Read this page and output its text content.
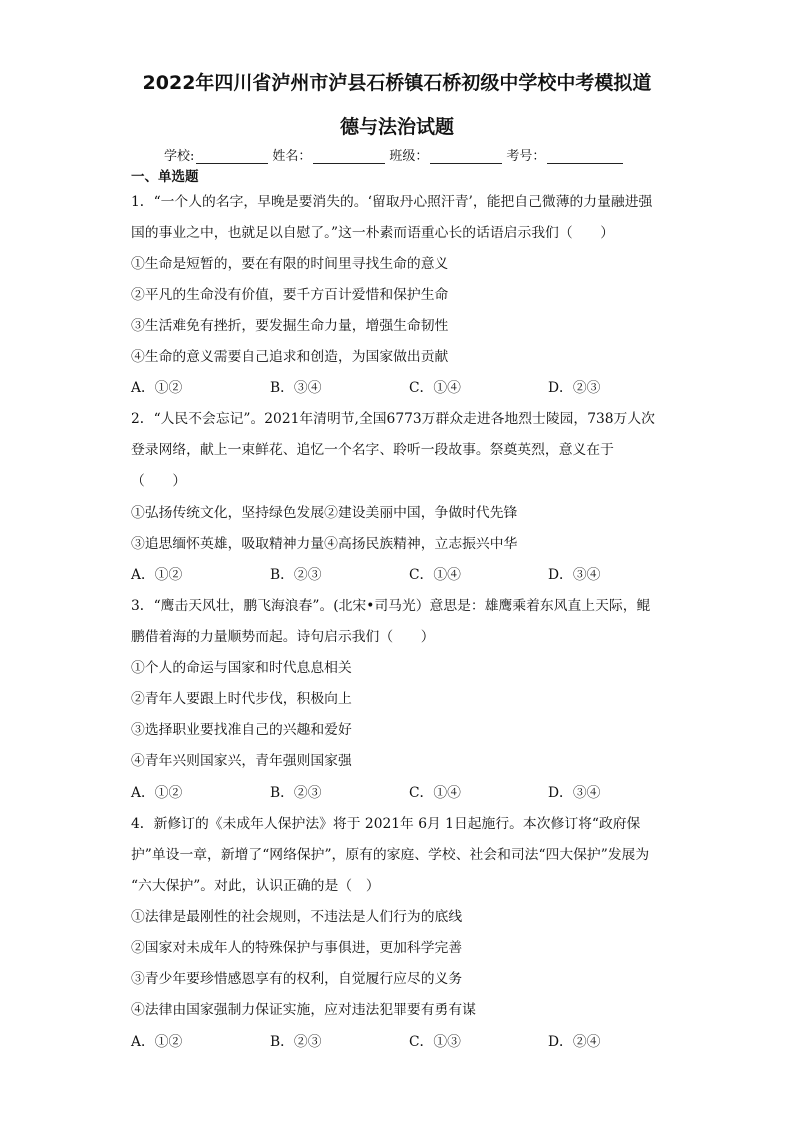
2022年四川省泸州市泸县石桥镇石桥初级中学校中考模拟道
德与法治试题
学校:	姓名：	班级：	考号：
一、单选题
1．“一个人的名字，早晚是要消失的。‘留取丹心照汗青’，能把自己微薄的力量融进强
国的事业之中，也就足以自慰了。”这一朴素而语重心长的话语启示我们（　　）
①生命是短暂的，要在有限的时间里寻找生命的意义
②平凡的生命没有价值，要千方百计爱惜和保护生命
③生活难免有挫折，要发掘生命力量，增强生命韧性
④生命的意义需要自己追求和创造，为国家做出贡献
A．①②	B．③④	C．①④	D．②③
2．“人民不会忘记”。2021年清明节,全国6773万群众走进各地烈士陵园，738万人次
登录网络，献上一束鲜花、追忆一个名字、聆听一段故事。祭奠英烈，意义在于
（　　）
①弘扬传统文化，坚持绿色发展②建设美丽中国，争做时代先锋
③追思缅怀英雄，吸取精神力量④高扬民族精神，立志振兴中华
A．①②	B．②③	C．①④	D．③④
3．“鹰击天风壮，鹏飞海浪春”。(北宋•司马光）意思是：雄鹰乘着东风直上天际，鲲
鹏借着海的力量顺势而起。诗句启示我们（　　）
①个人的命运与国家和时代息息相关
②青年人要跟上时代步伐，积极向上
③选择职业要找准自己的兴趣和爱好
④青年兴则国家兴，青年强则国家强
A．①②	B．②③	C．①④	D．③④
4．新修订的《未成年人保护法》将于 2021年 6月 1日起施行。本次修订将“政府保
护”单设一章，新增了“网络保护”，原有的家庭、学校、社会和司法“四大保护”发展为
“六大保护”。对此，认识正确的是（　）
①法律是最刚性的社会规则，不违法是人们行为的底线
②国家对未成年人的特殊保护与事俱进，更加科学完善
③青少年要珍惜感恩享有的权利，自觉履行应尽的义务
④法律由国家强制力保证实施，应对违法犯罪要有勇有谋
A．①②	B．②③	C．①③	D．②④
